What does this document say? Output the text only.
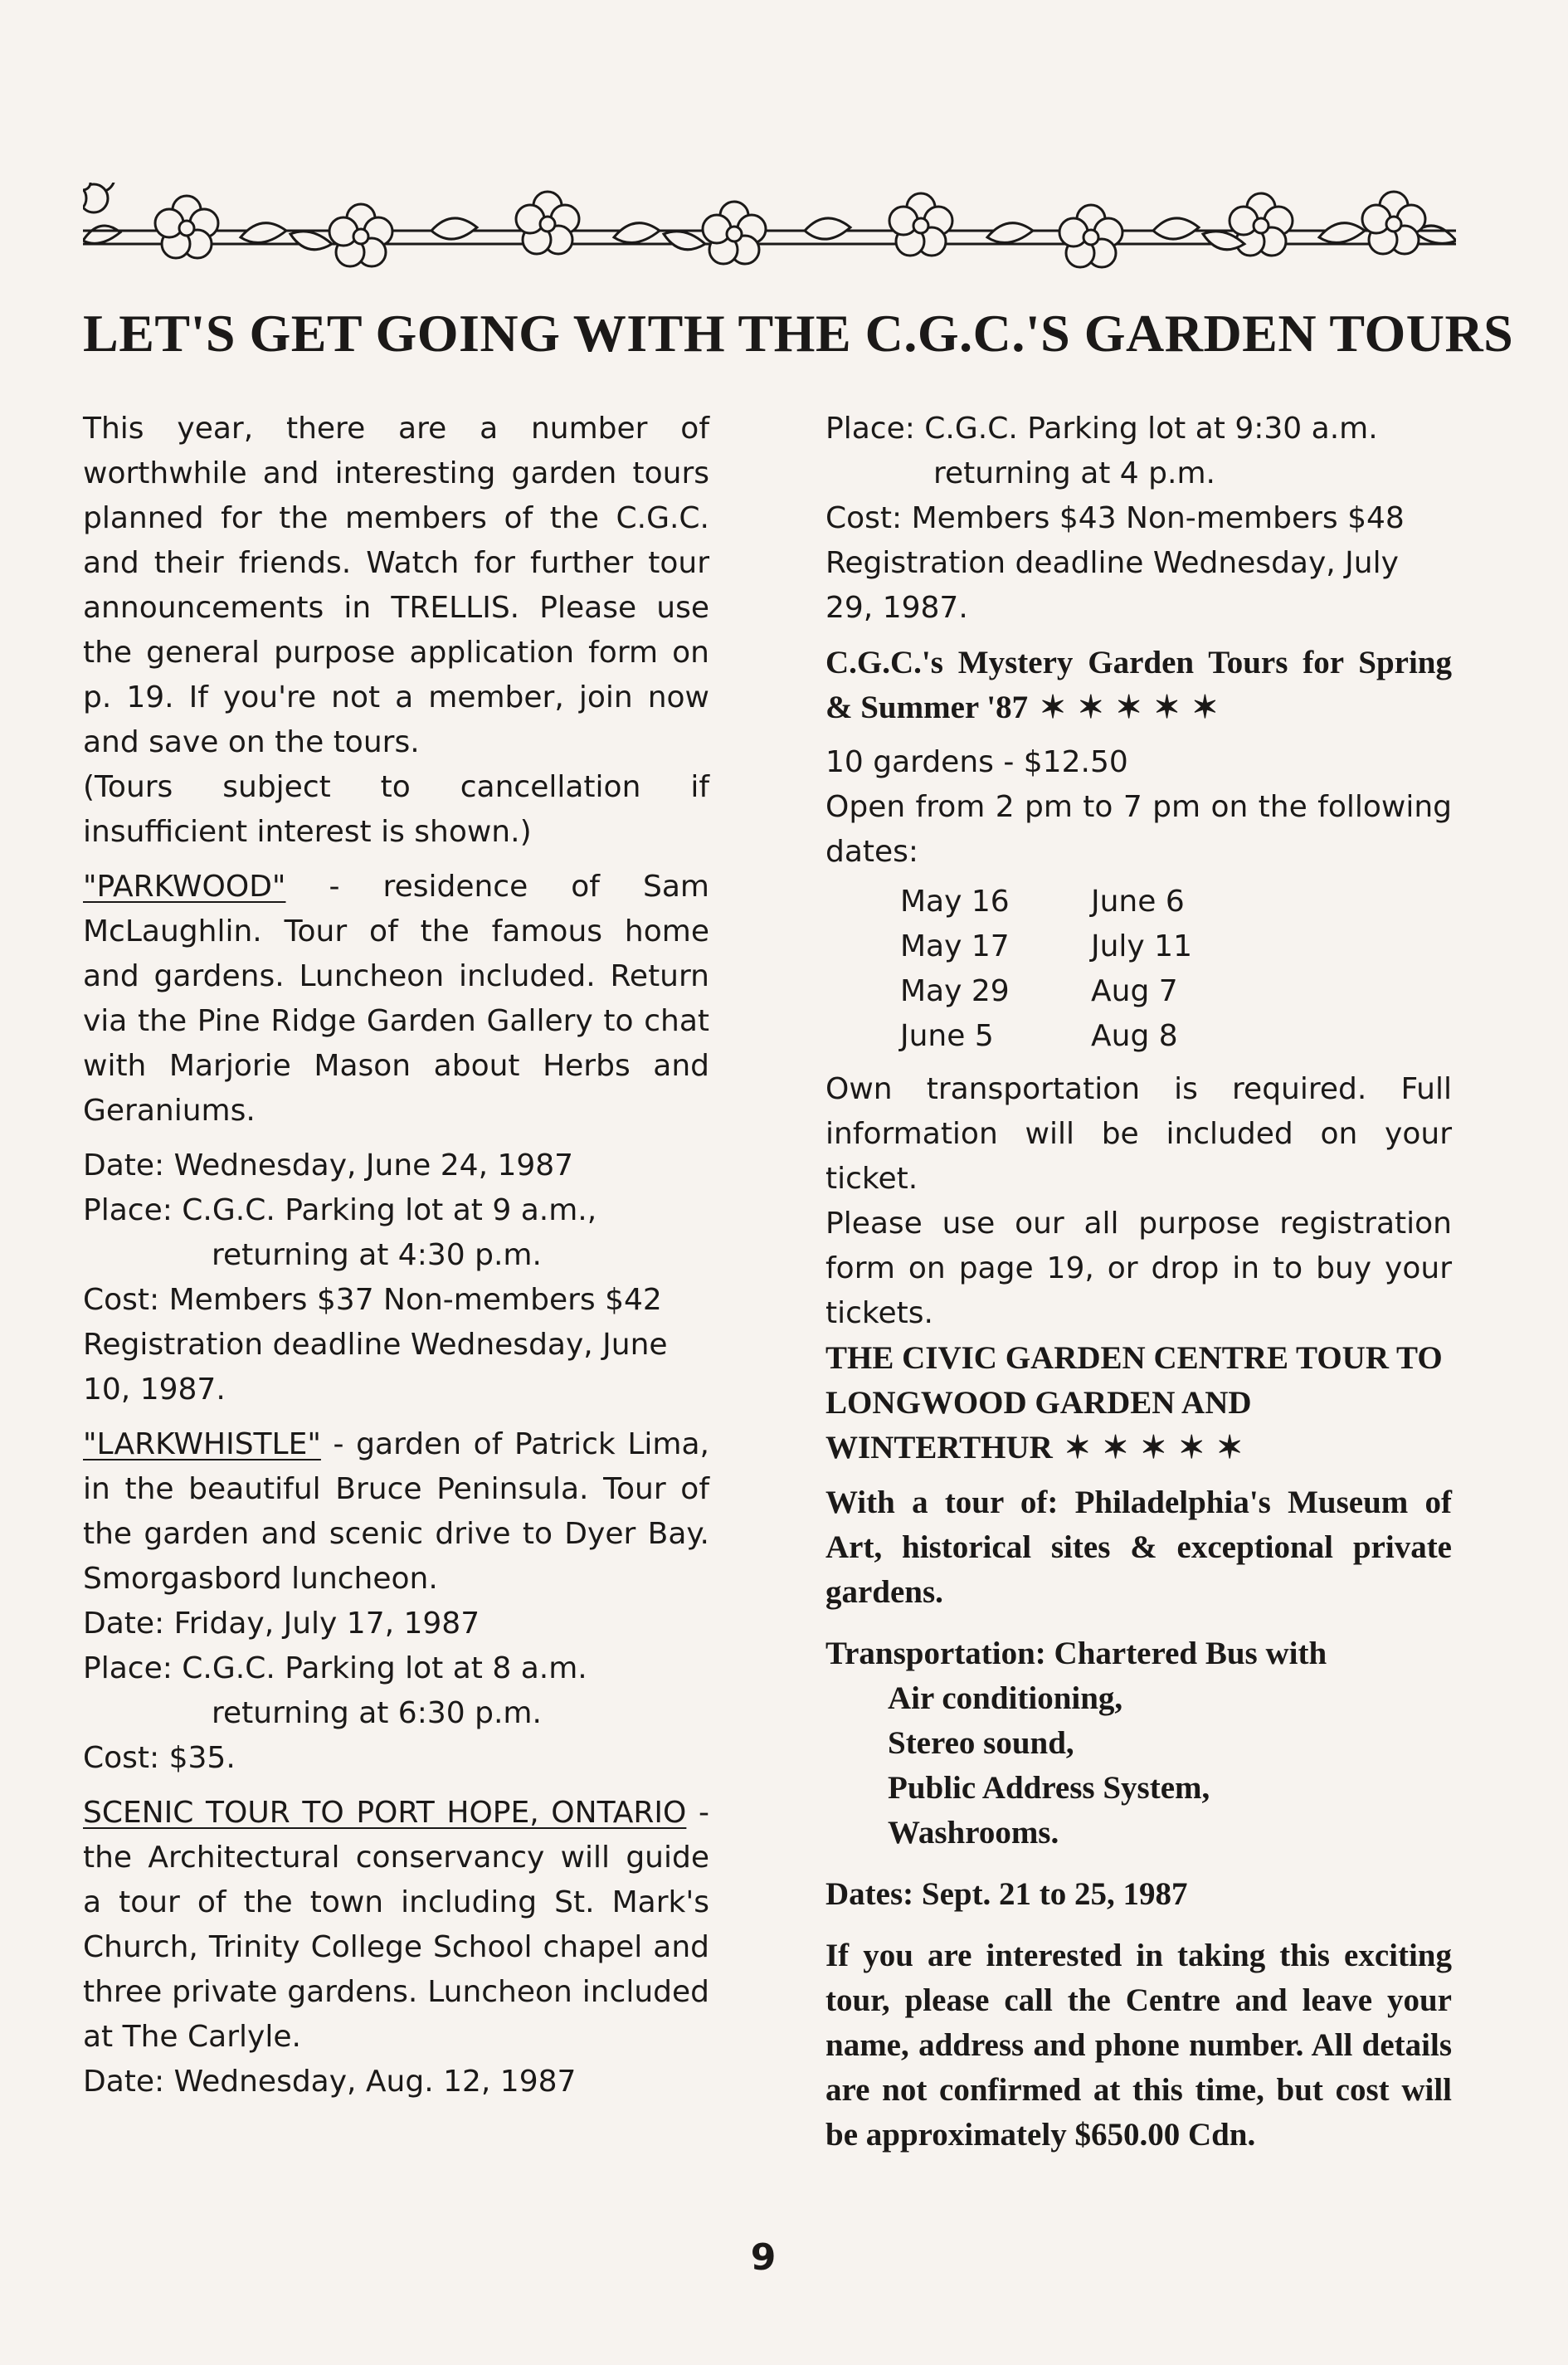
LET'S GET GOING WITH THE C.G.C.'S GARDEN TOURS

This year, there are a number of worthwhile and interesting garden tours planned for the members of the C.G.C. and their friends. Watch for further tour announcements in TRELLIS. Please use the general purpose application form on p. 19. If you're not a member, join now and save on the tours.

(Tours subject to cancellation if insufficient interest is shown.)

"PARKWOOD" - residence of Sam McLaughlin. Tour of the famous home and gardens. Luncheon included. Return via the Pine Ridge Garden Gallery to chat with Marjorie Mason about Herbs and Geraniums.

Date: Wednesday, June 24, 1987

Place: C.G.C. Parking lot at 9 a.m.,

returning at 4:30 p.m.

Cost: Members $37 Non-members $42

Registration deadline Wednesday, June 10, 1987.

"LARKWHISTLE" - garden of Patrick Lima, in the beautiful Bruce Peninsula. Tour of the garden and scenic drive to Dyer Bay. Smorgasbord luncheon.

Date: Friday, July 17, 1987

Place: C.G.C. Parking lot at 8 a.m.

returning at 6:30 p.m.

Cost: $35.

SCENIC TOUR TO PORT HOPE, ONTARIO - the Architectural conservancy will guide a tour of the town including St. Mark's Church, Trinity College School chapel and three private gardens. Luncheon included at The Carlyle.

Date: Wednesday, Aug. 12, 1987

Place: C.G.C. Parking lot at 9:30 a.m.

returning at 4 p.m.

Cost: Members $43 Non-members $48

Registration deadline Wednesday, July 29, 1987.

C.G.C.'s Mystery Garden Tours for Spring & Summer '87 ✶✶✶✶✶

10 gardens - $12.50

Open from 2 pm to 7 pm on the following dates:

May 16	June 6
May 17	July 11
May 29	Aug 7
June 5	Aug 8

Own transportation is required. Full information will be included on your ticket.

Please use our all purpose registration form on page 19, or drop in to buy your tickets.

THE CIVIC GARDEN CENTRE TOUR TO LONGWOOD GARDEN AND WINTERTHUR ✶✶✶✶✶

With a tour of: Philadelphia's Museum of Art, historical sites & exceptional private gardens.

Transportation: Chartered Bus with

Air conditioning,

Stereo sound,

Public Address System,

Washrooms.

Dates: Sept. 21 to 25, 1987

If you are interested in taking this exciting tour, please call the Centre and leave your name, address and phone number. All details are not confirmed at this time, but cost will be approximately $650.00 Cdn.

9
